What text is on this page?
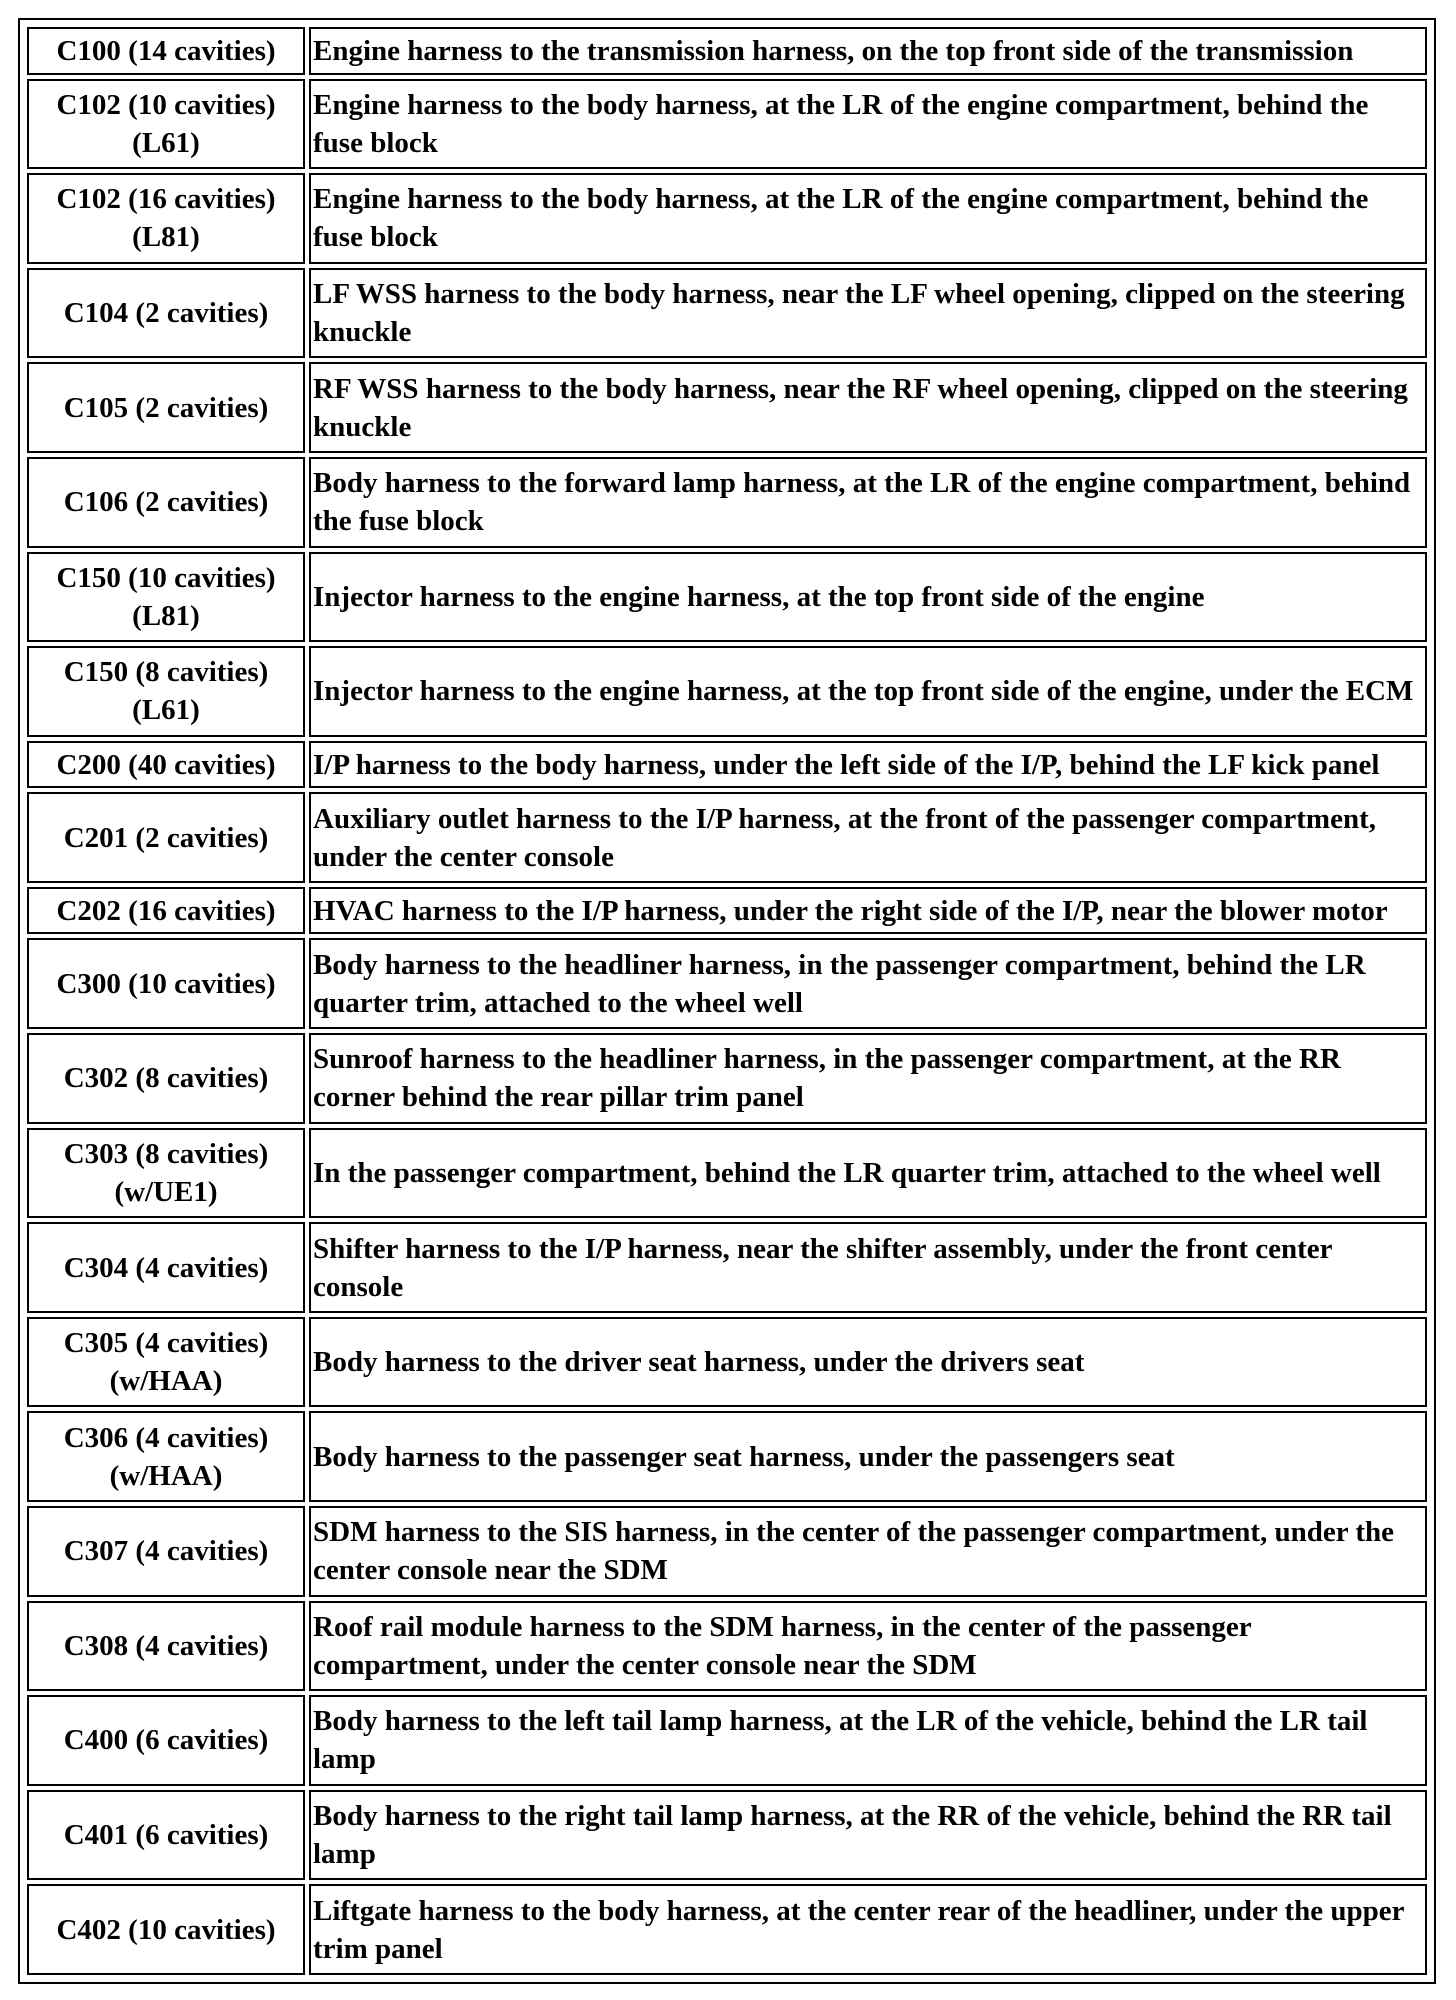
C100 (14 cavities)	Engine harness to the transmission harness, on the top front side of the transmission

C102 (10 cavities)
(L61)	Engine harness to the body harness, at the LR of the engine compartment, behind the fuse block

C102 (16 cavities)
(L81)	Engine harness to the body harness, at the LR of the engine compartment, behind the fuse block

C104 (2 cavities)	LF WSS harness to the body harness, near the LF wheel opening, clipped on the steering knuckle

C105 (2 cavities)	RF WSS harness to the body harness, near the RF wheel opening, clipped on the steering knuckle

C106 (2 cavities)	Body harness to the forward lamp harness, at the LR of the engine compartment, behind the fuse block

C150 (10 cavities)
(L81)	Injector harness to the engine harness, at the top front side of the engine

C150 (8 cavities)
(L61)	Injector harness to the engine harness, at the top front side of the engine, under the ECM

C200 (40 cavities)	I/P harness to the body harness, under the left side of the I/P, behind the LF kick panel

C201 (2 cavities)	Auxiliary outlet harness to the I/P harness, at the front of the passenger compartment, under the center console

C202 (16 cavities)	HVAC harness to the I/P harness, under the right side of the I/P, near the blower motor

C300 (10 cavities)	Body harness to the headliner harness, in the passenger compartment, behind the LR quarter trim, attached to the wheel well

C302 (8 cavities)	Sunroof harness to the headliner harness, in the passenger compartment, at the RR corner behind the rear pillar trim panel

C303 (8 cavities)
(w/UE1)	In the passenger compartment, behind the LR quarter trim, attached to the wheel well

C304 (4 cavities)	Shifter harness to the I/P harness, near the shifter assembly, under the front center console

C305 (4 cavities)
(w/HAA)	Body harness to the driver seat harness, under the drivers seat

C306 (4 cavities)
(w/HAA)	Body harness to the passenger seat harness, under the passengers seat

C307 (4 cavities)	SDM harness to the SIS harness, in the center of the passenger compartment, under the center console near the SDM

C308 (4 cavities)	Roof rail module harness to the SDM harness, in the center of the passenger compartment, under the center console near the SDM

C400 (6 cavities)	Body harness to the left tail lamp harness, at the LR of the vehicle, behind the LR tail lamp

C401 (6 cavities)	Body harness to the right tail lamp harness, at the RR of the vehicle, behind the RR tail lamp

C402 (10 cavities)	Liftgate harness to the body harness, at the center rear of the headliner, under the upper trim panel
